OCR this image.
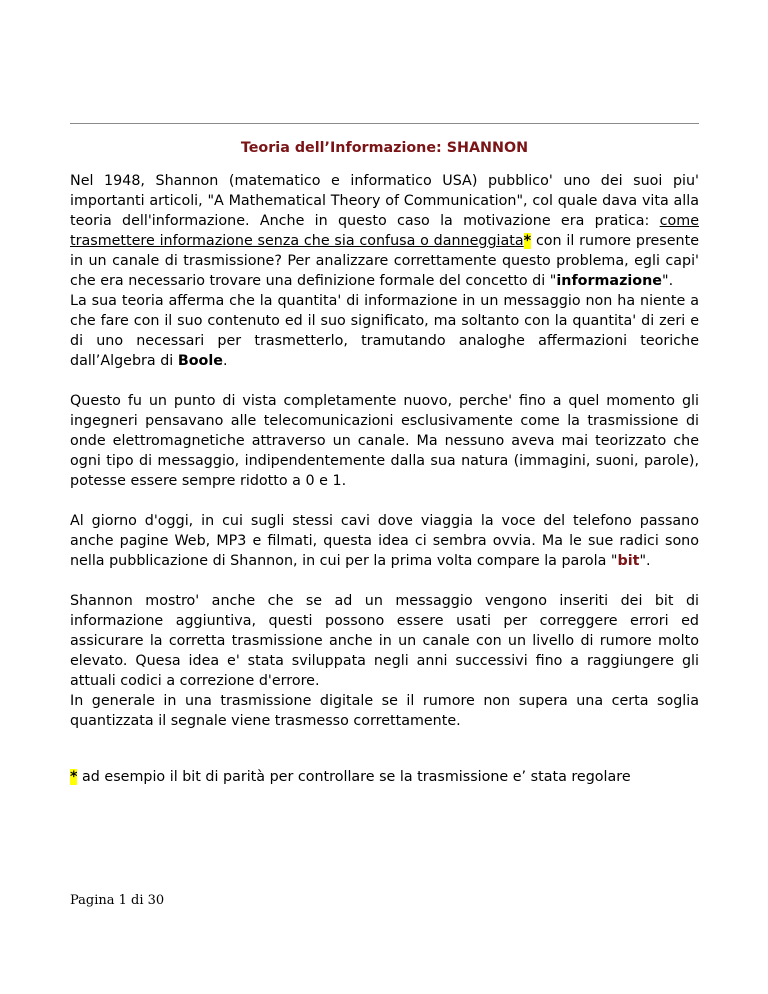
Teoria dell’Informazione: SHANNON

Nel 1948, Shannon (matematico e informatico USA) pubblico' uno dei suoi piu' importanti articoli, "A Mathematical Theory of Communication", col quale dava vita alla teoria dell'informazione. Anche in questo caso la motivazione era pratica: come trasmettere informazione senza che sia confusa o danneggiata* con il rumore presente in un canale di trasmissione? Per analizzare correttamente questo problema, egli capi' che era necessario trovare una definizione formale del concetto di "informazione".

La sua teoria afferma che la quantita' di informazione in un messaggio non ha niente a che fare con il suo contenuto ed il suo significato, ma soltanto con la quantita' di zeri e di uno necessari per trasmetterlo, tramutando analoghe affermazioni teoriche dall’Algebra di Boole.

Questo fu un punto di vista completamente nuovo, perche' fino a quel momento gli ingegneri pensavano alle telecomunicazioni esclusivamente come la trasmissione di onde elettromagnetiche attraverso un canale. Ma nessuno aveva mai teorizzato che ogni tipo di messaggio, indipendentemente dalla sua natura (immagini, suoni, parole), potesse essere sempre ridotto a 0 e 1.

Al giorno d'oggi, in cui sugli stessi cavi dove viaggia la voce del telefono passano anche pagine Web, MP3 e filmati, questa idea ci sembra ovvia. Ma le sue radici sono nella pubblicazione di Shannon, in cui per la prima volta compare la parola "bit".

Shannon mostro' anche che se ad un messaggio vengono inseriti dei bit di informazione aggiuntiva, questi possono essere usati per correggere errori ed assicurare la corretta trasmissione anche in un canale con un livello di rumore molto elevato. Quesa idea e' stata sviluppata negli anni successivi fino a raggiungere gli attuali codici a correzione d'errore.

In generale in una trasmissione digitale se il rumore non supera una certa soglia quantizzata il segnale viene trasmesso correttamente.

* ad esempio il bit di parità per controllare se la trasmissione e’ stata regolare

Pagina 1 di 30
